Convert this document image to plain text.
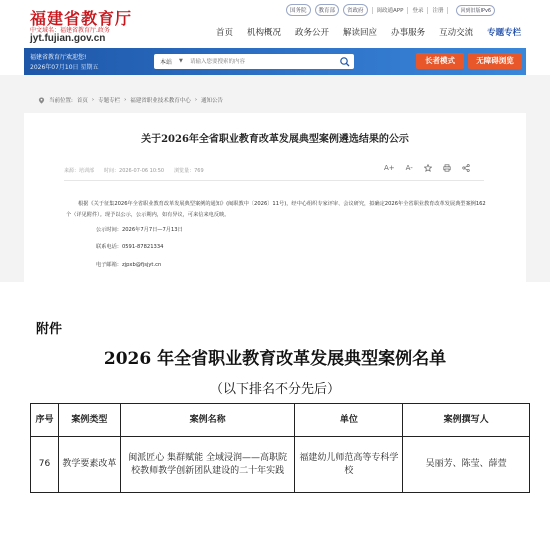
福建省教育厅
中文域名：福建省教育厅.政务
jyt.fujian.gov.cn
国务院	教育部	省政府	闽政通APP 登录 注册	回到旧版IPv6
首页 机构概况 政务公开 解读回应 办事服务 互动交流 专题专栏
福建省教育厅欢迎您!
2026年07月10日 星期五
本站 ▼
请输入您要搜索的内容	长者模式	无障碍浏览
当前位置: 首页 › 专题专栏 › 福建省职业技术教育中心 › 通知公告
关于2026年全省职业教育改革发展典型案例遴选结果的公示
来源：培训部 时间：2026-07-06 10:50 浏览量：769	A+ A-
根据《关于征集2026年全省职业教育改革发展典型案例的通知》(闽职教中〔2026〕11号)，经中心组织专家评审、会议研究，拟确定2026年全省职业教育改革发展典型案例162个（详见附件）。现予以公示，公示期内，如有异议，可来信来电反映。
公示时间：2026年7月7日—7月13日
联系电话：0591-87821334
电子邮箱：zjpxb@fjsjyt.cn
附件
2026 年全省职业教育改革发展典型案例名单
（以下排名不分先后）
序号	案例类型	案例名称	单位	案例撰写人
76	教学要素改革	闽派匠心 集群赋能 全域浸润——高职院校教师教学创新团队建设的二十年实践	福建幼儿师范高等专科学校	吴丽芳、陈莹、薛萱
